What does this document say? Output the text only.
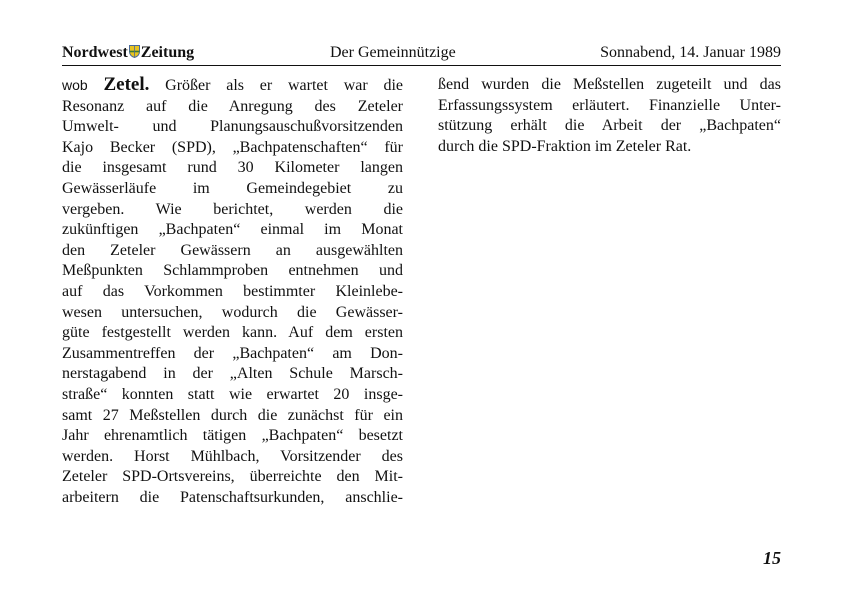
Nordwest Zeitung	Der Gemeinnützige	Sonnabend, 14. Januar 1989
wob Zetel. Größer als er wartet war die
Resonanz auf die Anregung des Zeteler
Umwelt- und Planungsauschußvorsitzenden
Kajo Becker (SPD), „Bachpatenschaften“ für
die insgesamt rund 30 Kilometer langen
Gewässerläufe im Gemeindegebiet zu
vergeben. Wie berichtet, werden die
zukünftigen „Bachpaten“ einmal im Monat
den Zeteler Gewässern an ausgewählten
Meßpunkten Schlammproben entnehmen und
auf das Vorkommen bestimmter Kleinlebe-
wesen untersuchen, wodurch die Gewässer-
güte festgestellt werden kann. Auf dem ersten
Zusammentreffen der „Bachpaten“ am Don-
nerstagabend in der „Alten Schule Marsch-
straße“ konnten statt wie erwartet 20 insge-
samt 27 Meßstellen durch die zunächst für ein
Jahr ehrenamtlich tätigen „Bachpaten“ besetzt
werden. Horst Mühlbach, Vorsitzender des
Zeteler SPD-Ortsvereins, überreichte den Mit-
arbeitern die Patenschaftsurkunden, anschlie-
ßend wurden die Meßstellen zugeteilt und das
Erfassungssystem erläutert. Finanzielle Unter-
stützung erhält die Arbeit der „Bachpaten“
durch die SPD-Fraktion im Zeteler Rat.
15
